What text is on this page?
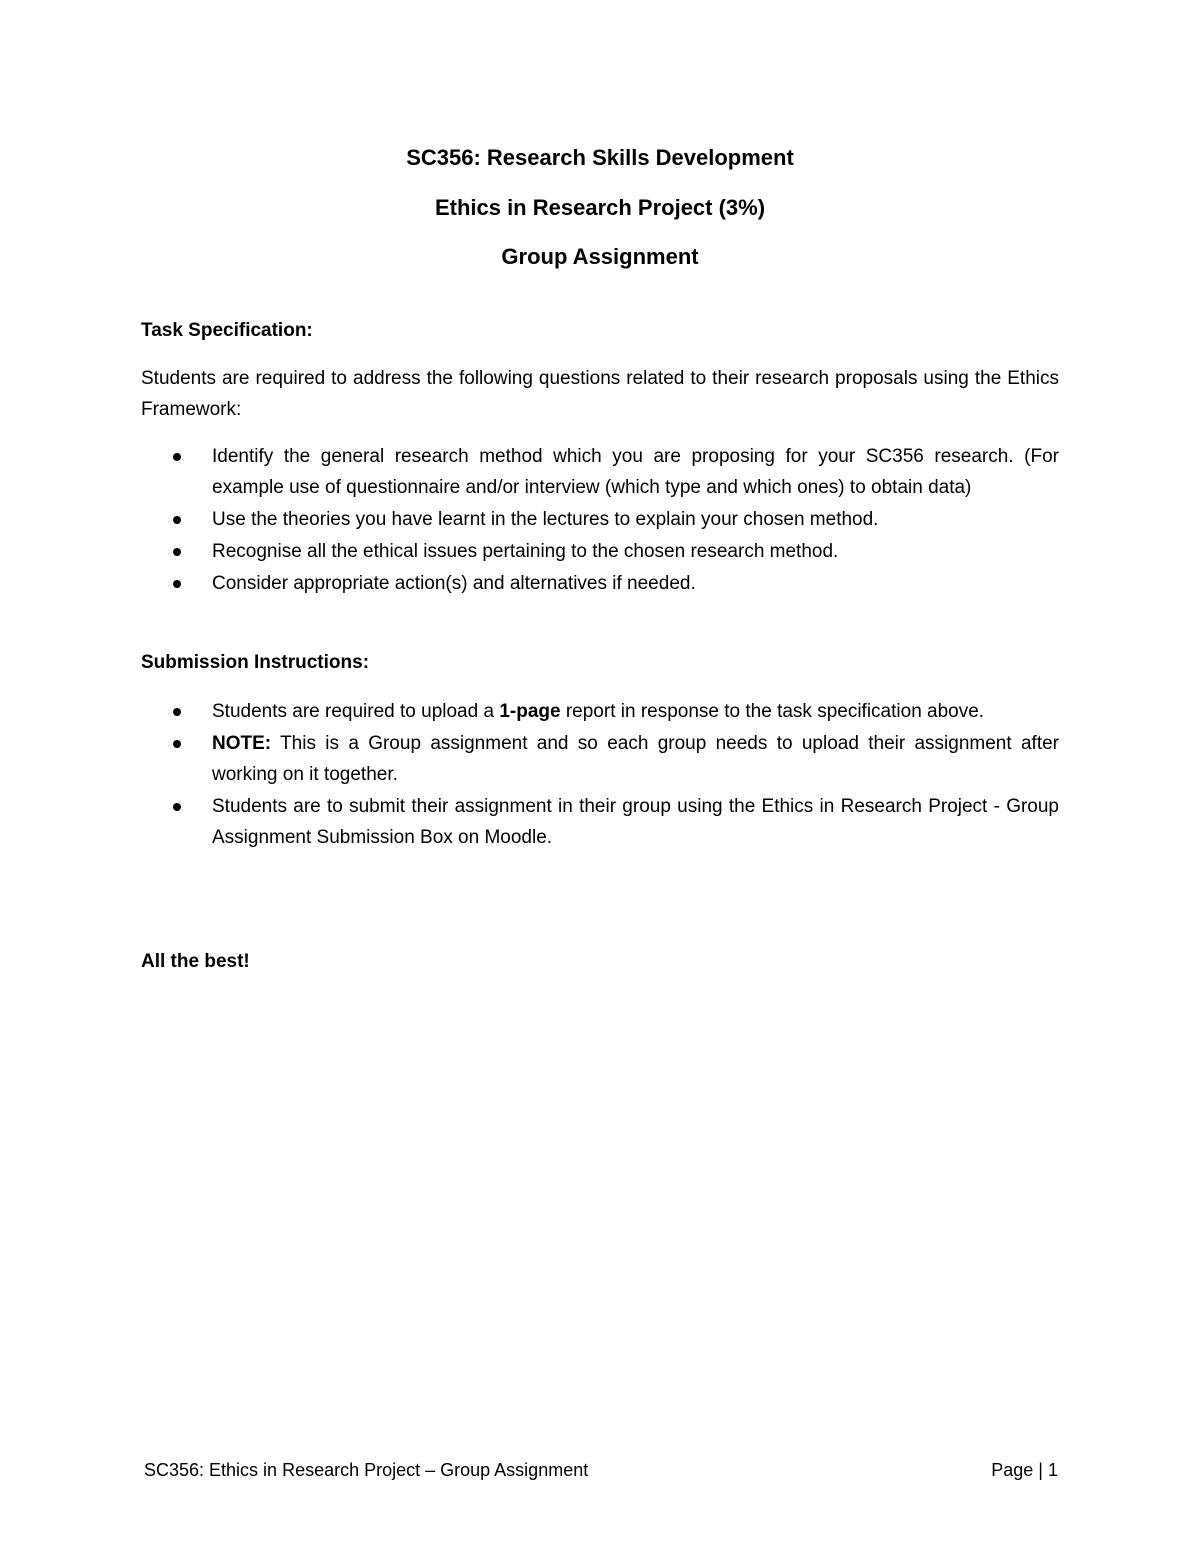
SC356: Research Skills Development
Ethics in Research Project (3%)
Group Assignment

Task Specification:

Students are required to address the following questions related to their research proposals using the Ethics Framework:

Identify the general research method which you are proposing for your SC356 research. (For example use of questionnaire and/or interview (which type and which ones) to obtain data)
Use the theories you have learnt in the lectures to explain your chosen method.
Recognise all the ethical issues pertaining to the chosen research method.
Consider appropriate action(s) and alternatives if needed.

Submission Instructions:

Students are required to upload a 1-page report in response to the task specification above.
NOTE: This is a Group assignment and so each group needs to upload their assignment after working on it together.
Students are to submit their assignment in their group using the Ethics in Research Project - Group Assignment Submission Box on Moodle.

All the best!

SC356: Ethics in Research Project – Group Assignment	Page | 1
